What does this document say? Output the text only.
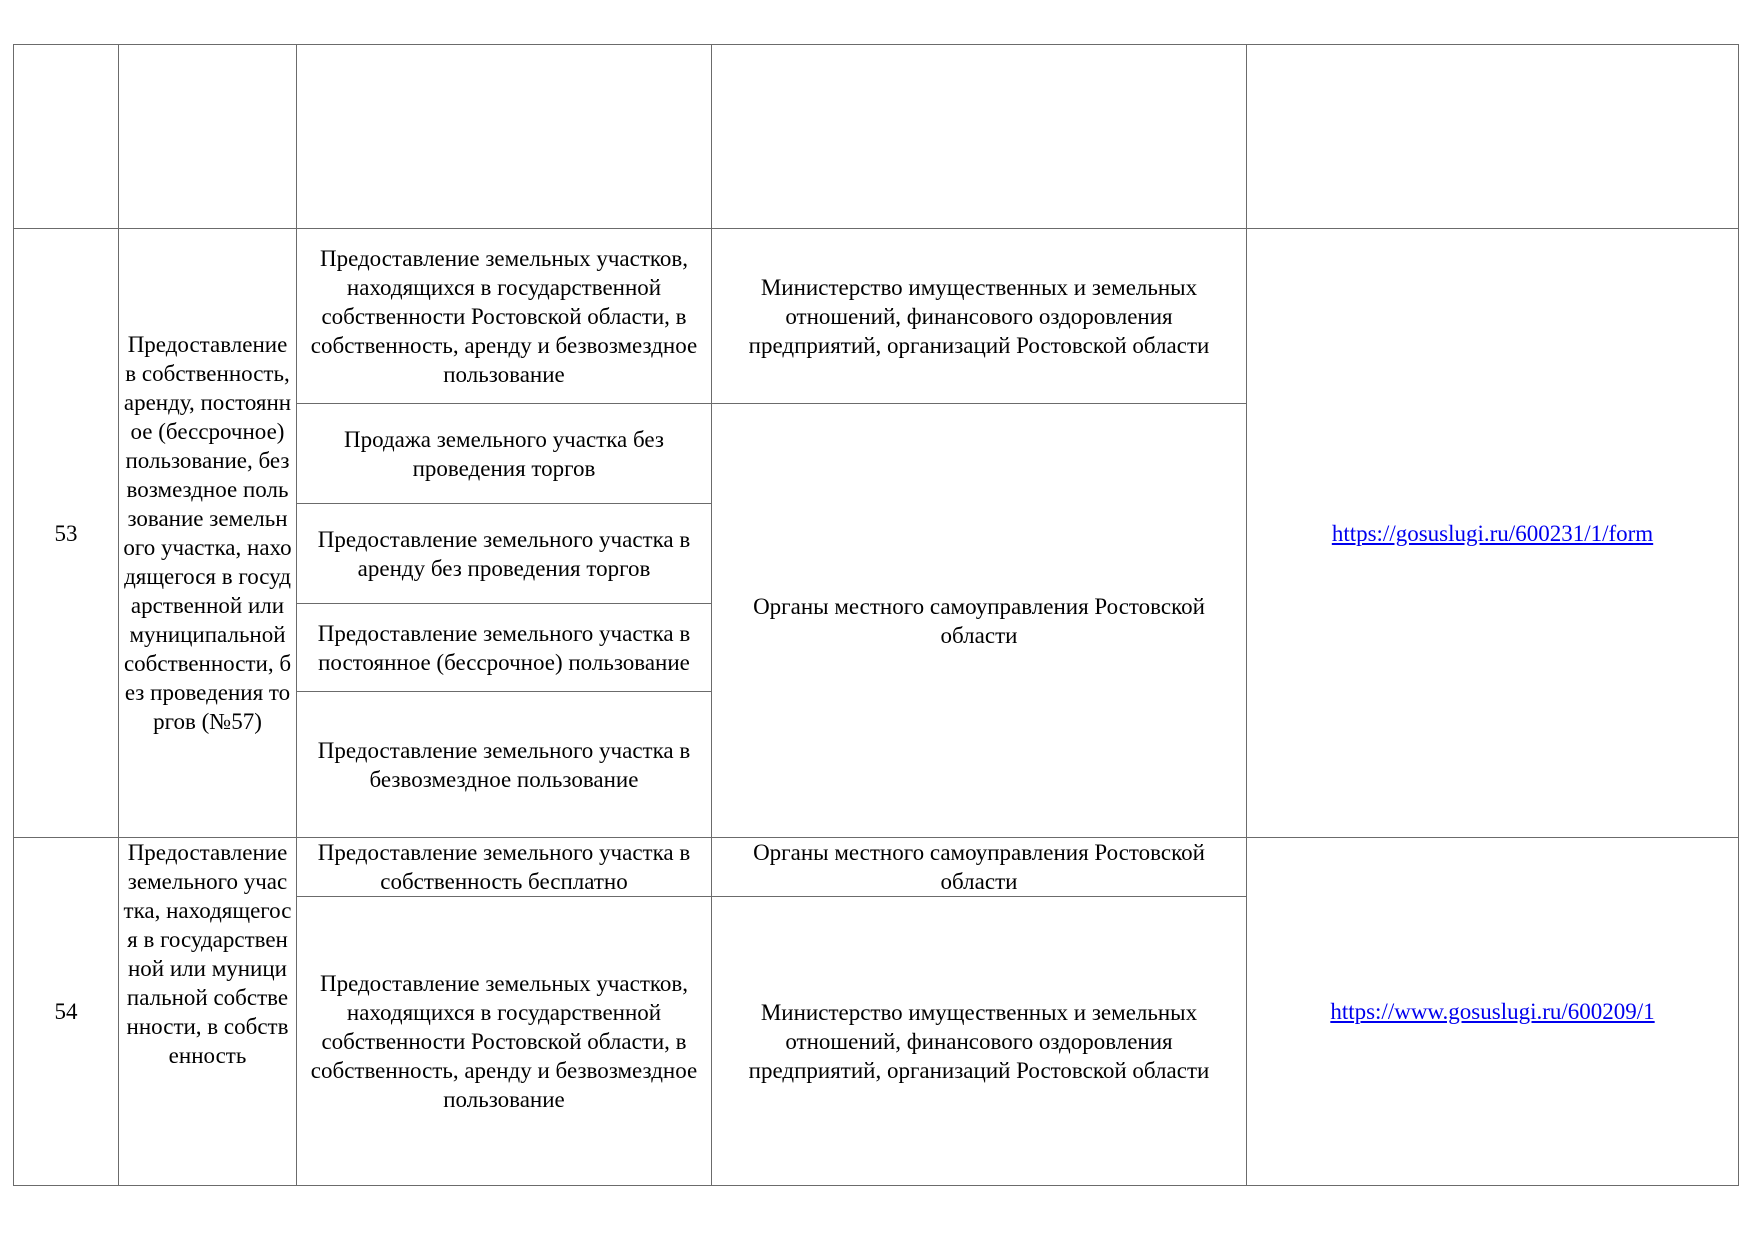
53	Предоставление в собственность, аренду, постоянное (бессрочное) пользование, безвозмездное пользование земельного участка, находящегося в государственной или муниципальной собственности, без проведения торгов (№57)	Предоставление земельных участков, находящихся в государственной собственности Ростовской области, в собственность, аренду и безвозмездное пользование	Министерство имущественных и земельных отношений, финансового оздоровления предприятий, организаций Ростовской области	https://gosuslugi.ru/600231/1/form
		Продажа земельного участка без проведения торгов	Органы местного самоуправления Ростовской области	
		Предоставление земельного участка в аренду без проведения торгов		
		Предоставление земельного участка в постоянное (бессрочное) пользование		
		Предоставление земельного участка в безвозмездное пользование		
54	Предоставление земельного участка, находящегося в государственной или муниципальной собственности, в собственность	Предоставление земельного участка в собственность бесплатно	Органы местного самоуправления Ростовской области	https://www.gosuslugi.ru/600209/1
		Предоставление земельных участков, находящихся в государственной собственности Ростовской области, в собственность, аренду и безвозмездное пользование	Министерство имущественных и земельных отношений, финансового оздоровления предприятий, организаций Ростовской области	
